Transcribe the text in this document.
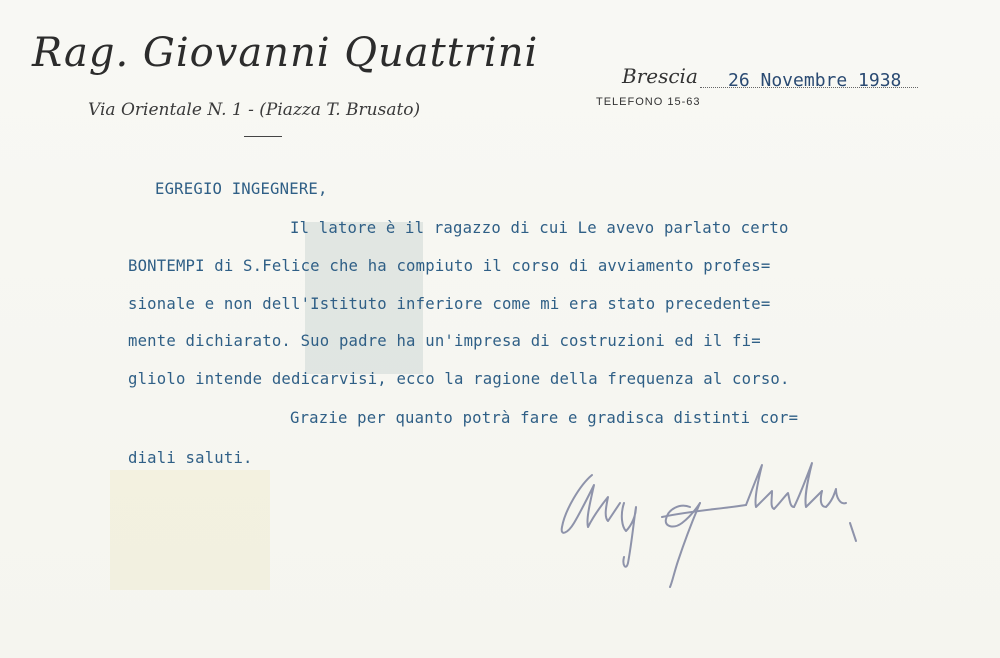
Rag. Giovanni Quattrini
Via Orientale N. 1 - (Piazza T. Brusato)
Brescia 26 Novembre 1938
TELEFONO 15-63
EGREGIO INGEGNERE,
Il latore è il ragazzo di cui Le avevo parlato certo
BONTEMPI di S.Felice che ha compiuto il corso di avviamento profes=
sionale e non dell'Istituto inferiore come mi era stato precedente=
mente dichiarato. Suo padre ha un'impresa di costruzioni ed il fi=
gliolo intende dedicarvisi, ecco la ragione della frequenza al corso.
Grazie per quanto potrà fare e gradisca distinti cor=
diali saluti.
